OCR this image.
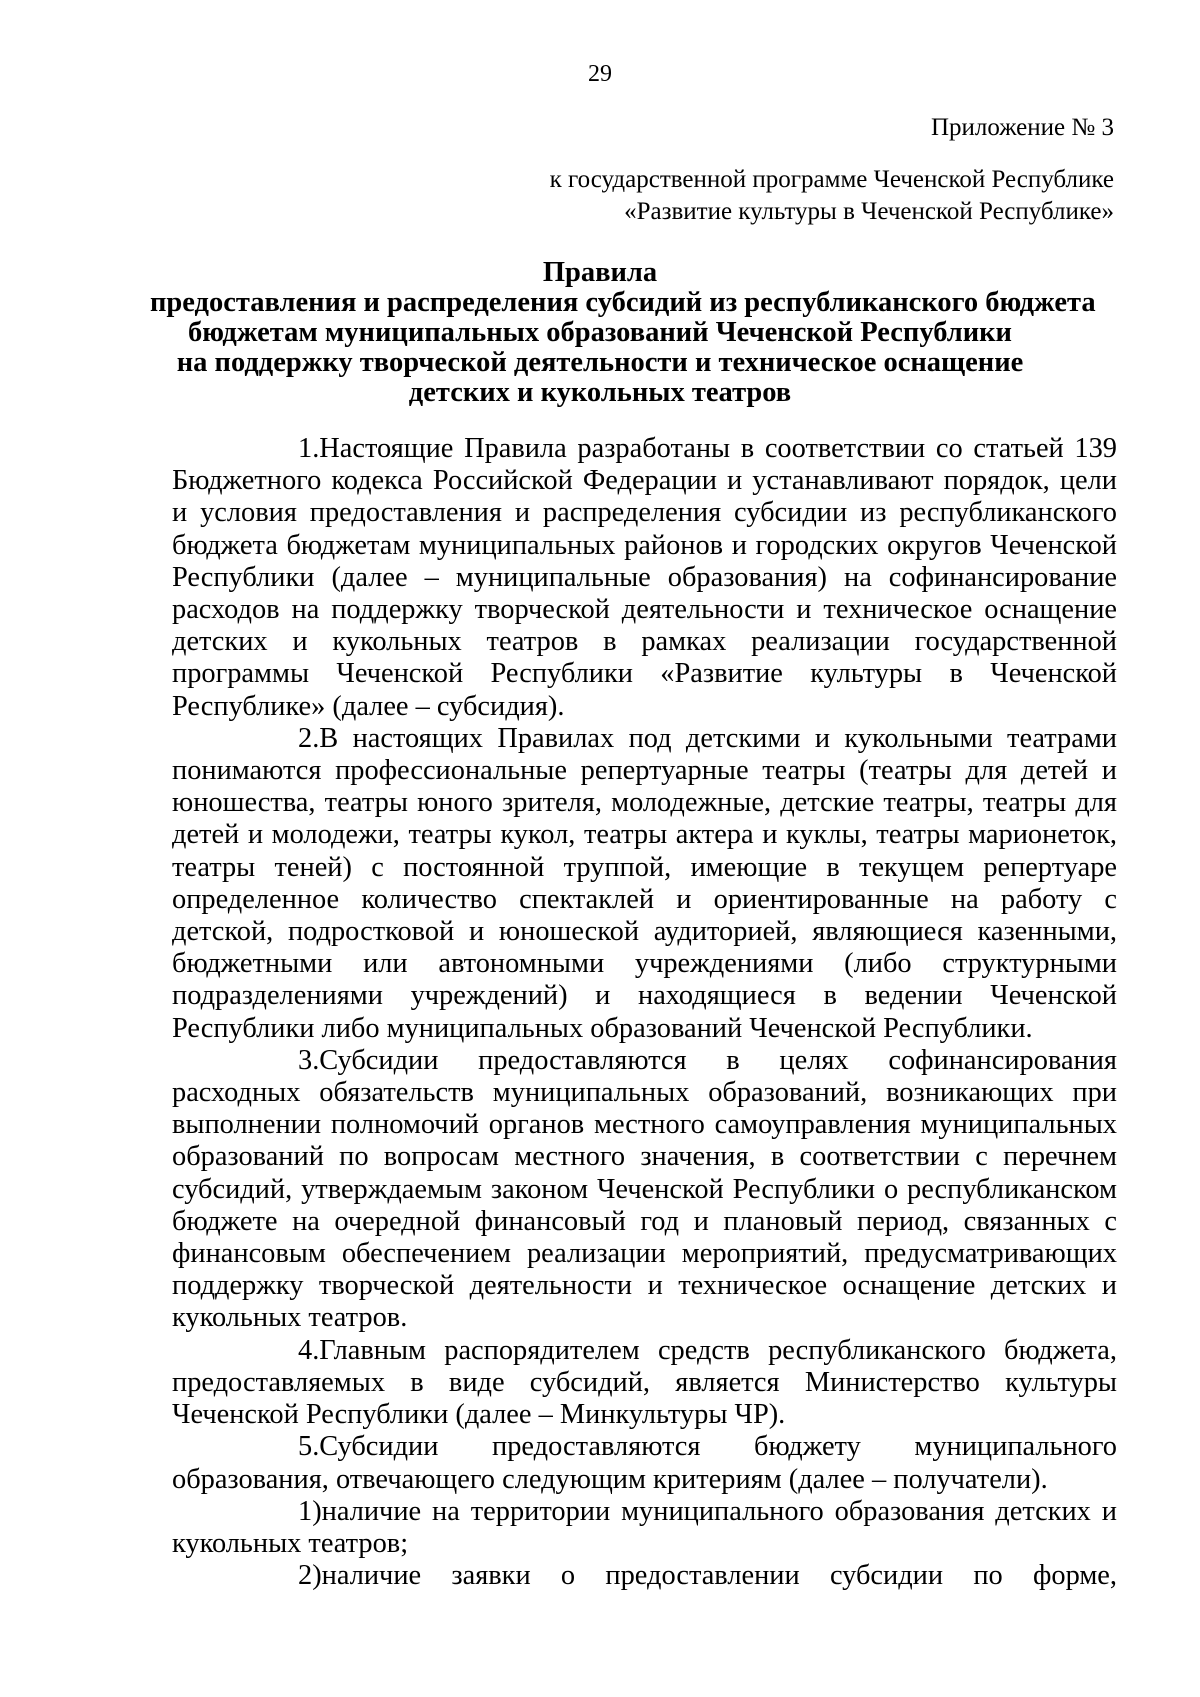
29
Приложение № 3
к государственной программе Чеченской Республике
«Развитие культуры в Чеченской Республике»
Правила
предоставления и распределения субсидий из республиканского бюджета
бюджетам муниципальных образований Чеченской Республики
на поддержку творческой деятельности и техническое оснащение
детских и кукольных театров

1.Настоящие Правила разработаны в соответствии со статьей 139 Бюджетного кодекса Российской Федерации и устанавливают порядок, цели и условия предоставления и распределения субсидии из республиканского бюджета бюджетам муниципальных районов и городских округов Чеченской Республики (далее – муниципальные образования) на софинансирование расходов на поддержку творческой деятельности и техническое оснащение детских и кукольных театров в рамках реализации государственной программы Чеченской Республики «Развитие культуры в Чеченской Республике» (далее – субсидия).

2.В настоящих Правилах под детскими и кукольными театрами понимаются профессиональные репертуарные театры (театры для детей и юношества, театры юного зрителя, молодежные, детские театры, театры для детей и молодежи, театры кукол, театры актера и куклы, театры марионеток, театры теней) с постоянной труппой, имеющие в текущем репертуаре определенное количество спектаклей и ориентированные на работу с детской, подростковой и юношеской аудиторией, являющиеся казенными, бюджетными или автономными учреждениями (либо структурными подразделениями учреждений) и находящиеся в ведении Чеченской Республики либо муниципальных образований Чеченской Республики.

3.Субсидии предоставляются в целях софинансирования расходных обязательств муниципальных образований, возникающих при выполнении полномочий органов местного самоуправления муниципальных образований по вопросам местного значения, в соответствии с перечнем субсидий, утверждаемым законом Чеченской Республики о республиканском бюджете на очередной финансовый год и плановый период, связанных с финансовым обеспечением реализации мероприятий, предусматривающих поддержку творческой деятельности и техническое оснащение детских и кукольных театров.

4.Главным распорядителем средств республиканского бюджета, предоставляемых в виде субсидий, является Министерство культуры Чеченской Республики (далее – Минкультуры ЧР).

5.Субсидии предоставляются бюджету муниципального образования, отвечающего следующим критериям (далее – получатели).

1)наличие на территории муниципального образования детских и кукольных театров;

2)наличие заявки о предоставлении субсидии по форме,
